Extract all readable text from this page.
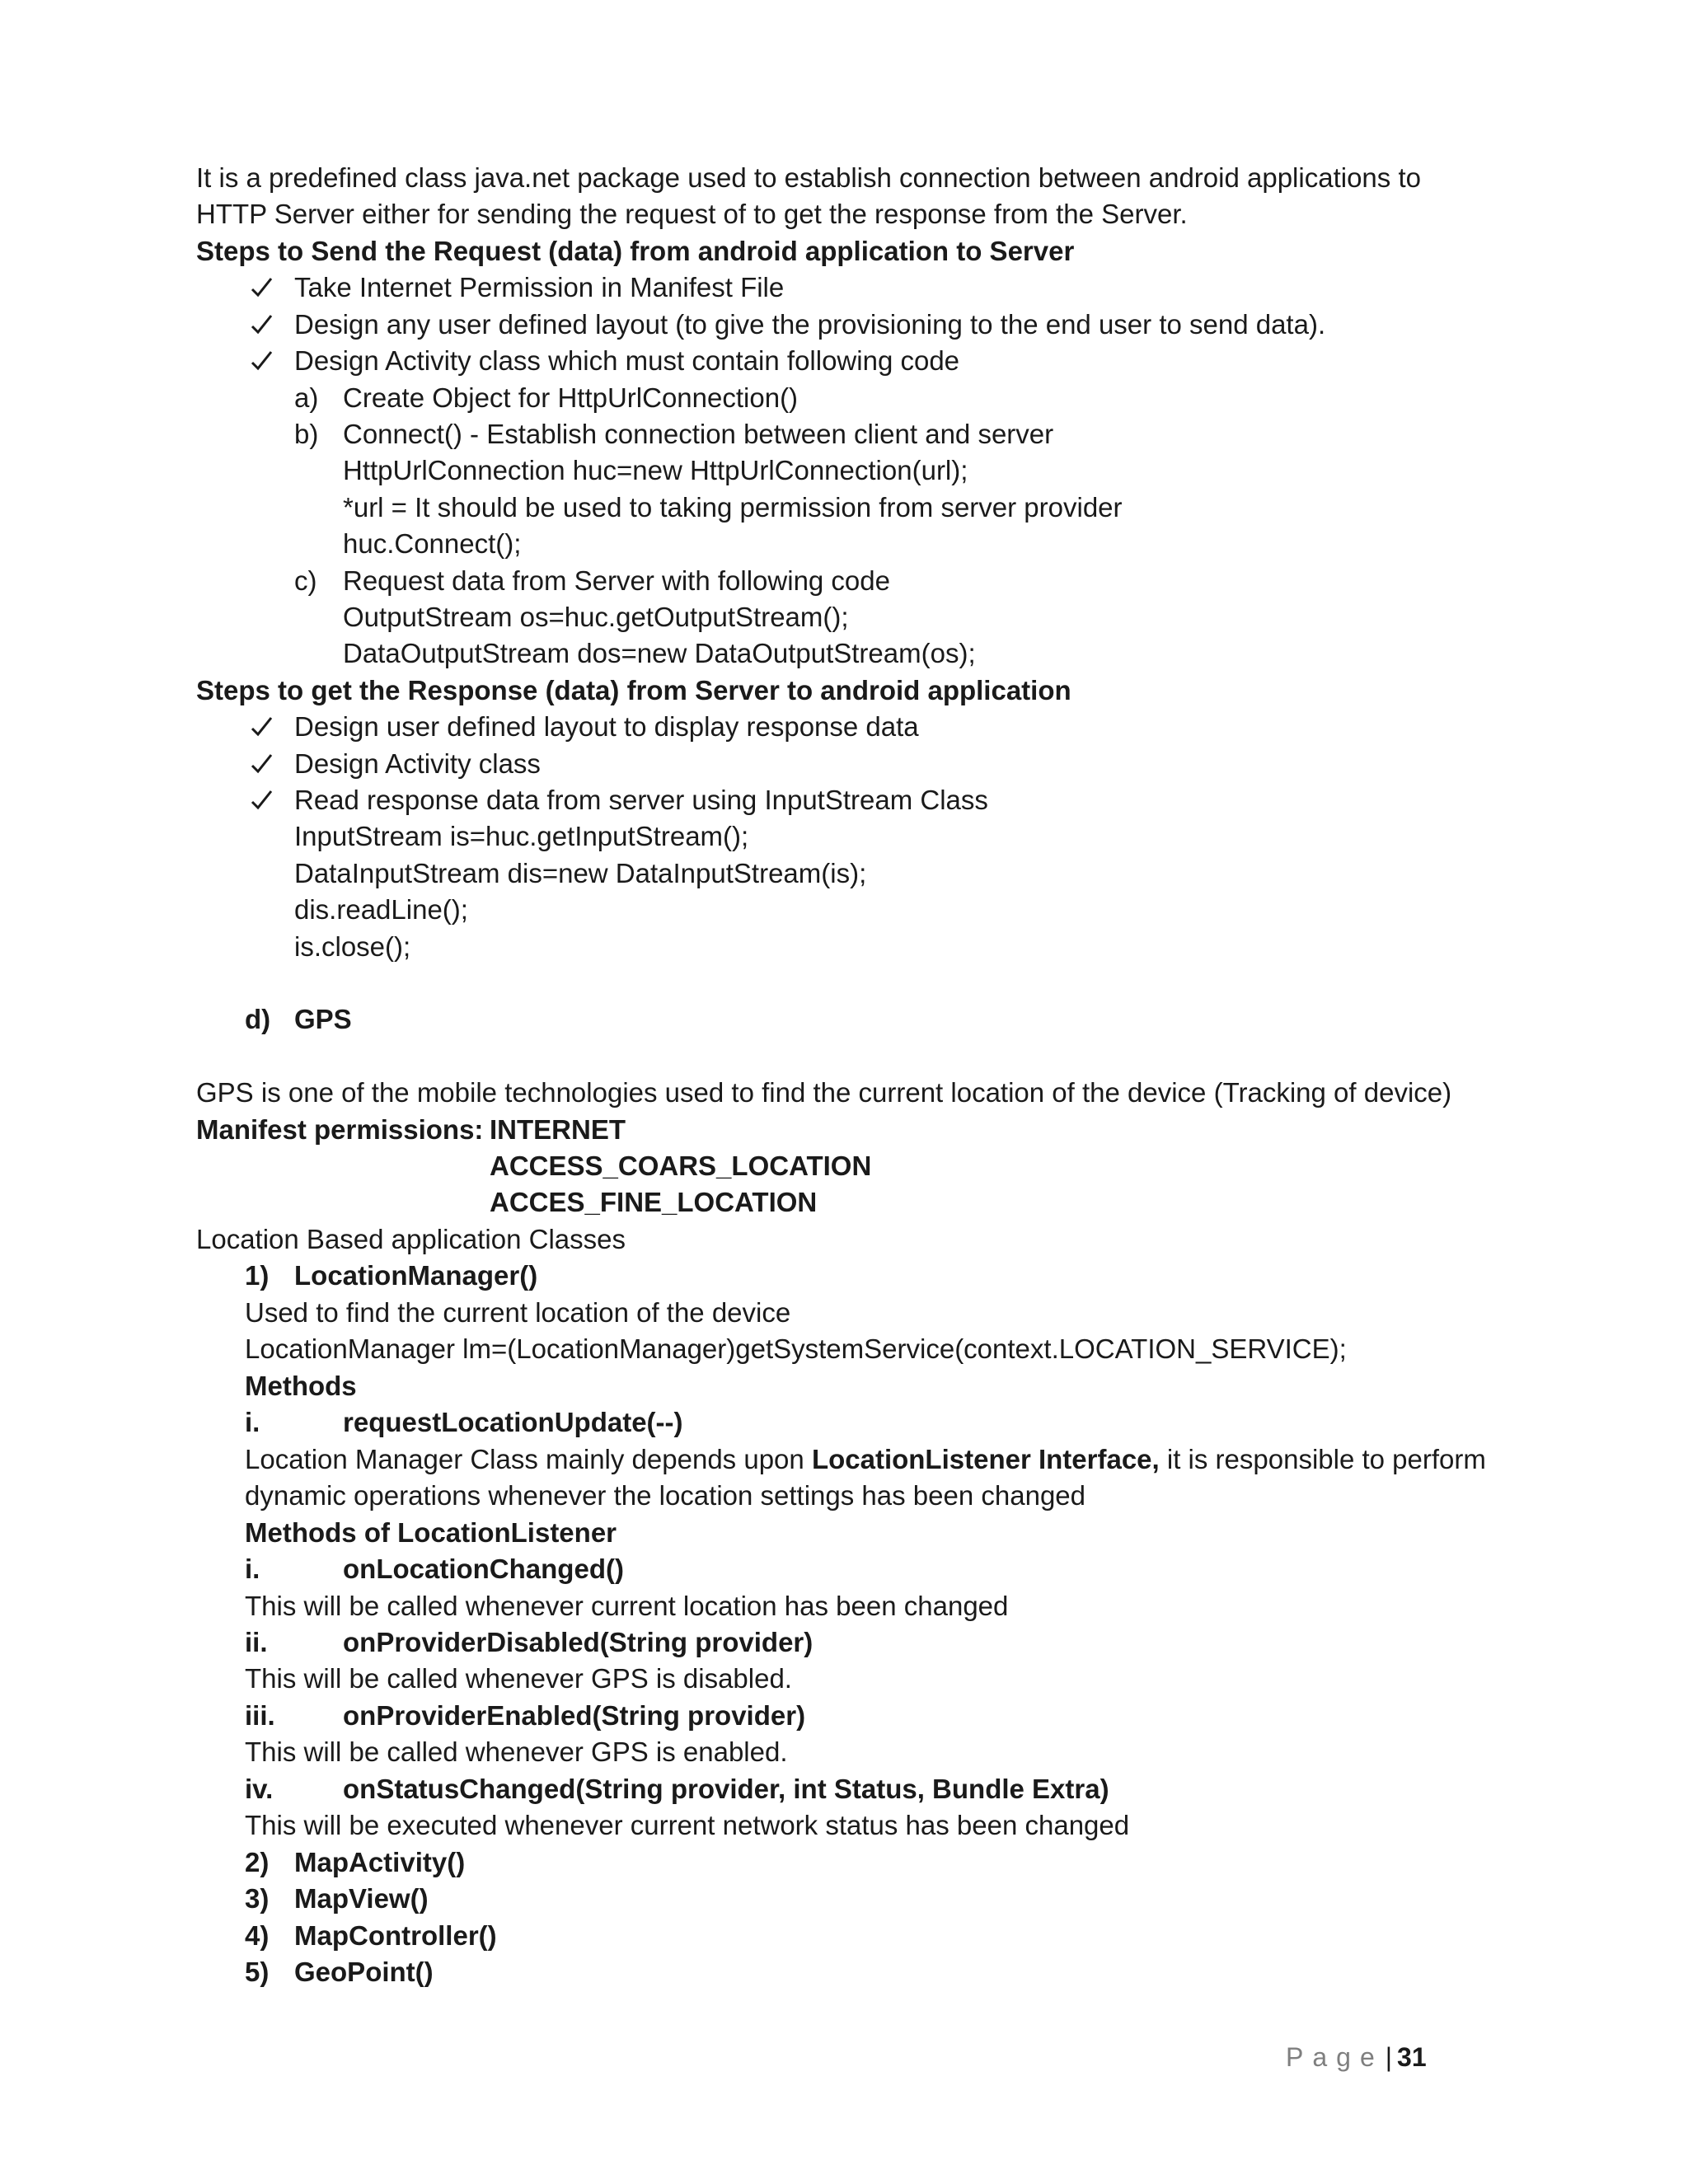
It is a predefined class java.net package used to establish connection between android applications to
HTTP Server either for sending the request of to get the response from the Server.
Steps to Send the Request (data) from android application to Server
Take Internet Permission in Manifest File
Design any user defined layout (to give the provisioning to the end user to send data).
Design Activity class which must contain following code
a) Create Object for HttpUrlConnection()
b) Connect() - Establish connection between client and server
HttpUrlConnection huc=new HttpUrlConnection(url);
*url = It should be used to taking permission from server provider
huc.Connect();
c) Request data from Server with following code
OutputStream os=huc.getOutputStream();
DataOutputStream dos=new DataOutputStream(os);
Steps to get the Response (data) from Server to android application
Design user defined layout to display response data
Design Activity class
Read response data from server using InputStream Class
InputStream is=huc.getInputStream();
DataInputStream dis=new DataInputStream(is);
dis.readLine();
is.close();
d) GPS
GPS is one of the mobile technologies used to find the current location of the device (Tracking of device)
Manifest permissions: INTERNET
ACCESS_COARS_LOCATION
ACCES_FINE_LOCATION
Location Based application Classes
1) LocationManager()
Used to find the current location of the device
LocationManager lm=(LocationManager)getSystemService(context.LOCATION_SERVICE);
Methods
i.	requestLocationUpdate(--)
Location Manager Class mainly depends upon LocationListener Interface, it is responsible to perform
dynamic operations whenever the location settings has been changed
Methods of LocationListener
i.	onLocationChanged()
This will be called whenever current location has been changed
ii.	onProviderDisabled(String provider)
This will be called whenever GPS is disabled.
iii. onProviderEnabled(String provider)
This will be called whenever GPS is enabled.
iv.	onStatusChanged(String provider, int Status, Bundle Extra)
This will be executed whenever current network status has been changed
2) MapActivity()
3) MapView()
4) MapController()
5) GeoPoint()
Page| 31
